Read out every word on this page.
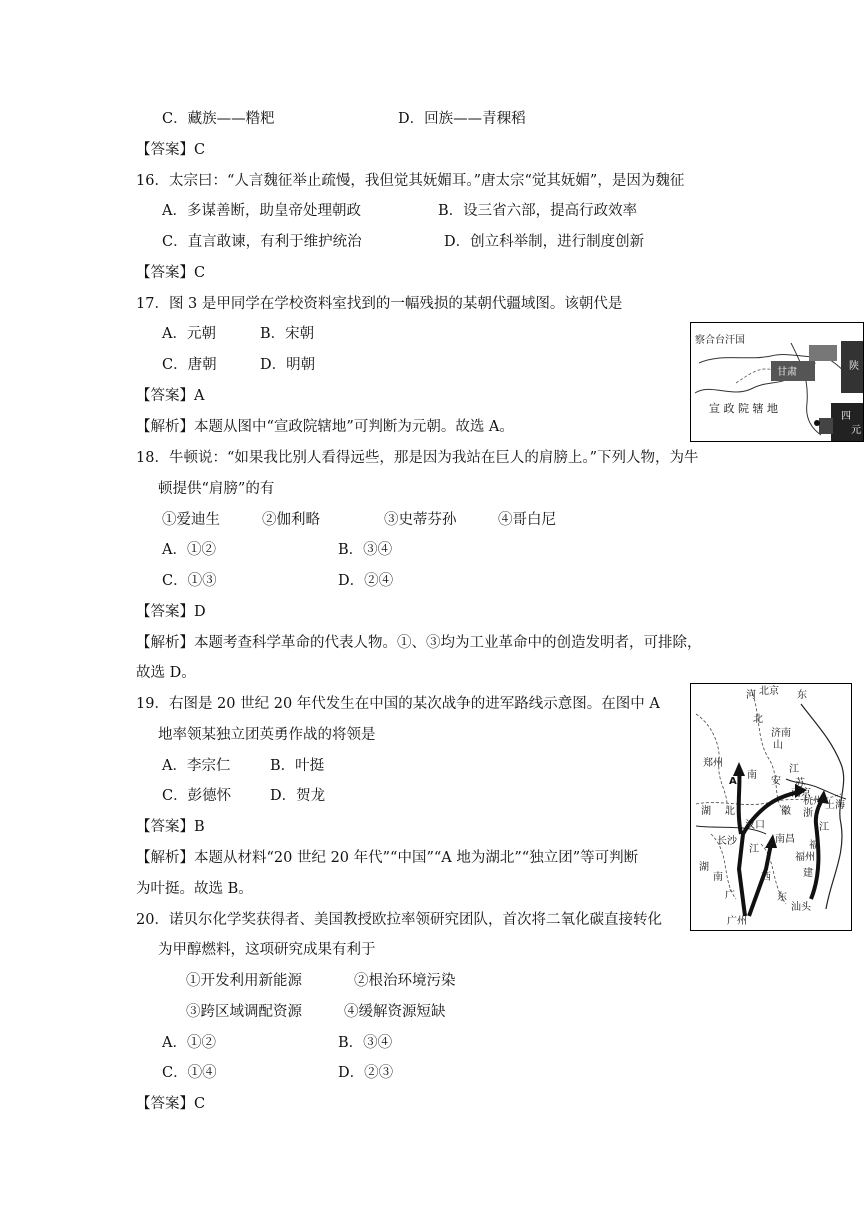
C．藏族——糌粑	D．回族——青稞稻
【答案】C
16．太宗曰：“人言魏征举止疏慢，我但觉其妩媚耳。”唐太宗“觉其妩媚”，是因为魏征
A．多谋善断，助皇帝处理朝政	B．设三省六部，提高行政效率
C．直言敢谏，有利于维护统治	D．创立科举制，进行制度创新
【答案】C
17．图 3 是甲同学在学校资料室找到的一幅残损的某朝代疆域图。该朝代是
A．元朝	B．宋朝
C．唐朝	D．明朝
【答案】A
【解析】本题从图中“宣政院辖地”可判断为元朝。故选 A。
察合台汗国
甘肃
宣 政 院 辖 地
陕
四
元
18．牛顿说：“如果我比别人看得远些，那是因为我站在巨人的肩膀上。”下列人物，为牛
顿提供“肩膀”的有
①爱迪生	②伽利略	③史蒂芬孙	④哥白尼
A．①②	B．③④
C．①③	D．②④
【答案】D
【解析】本题考查科学革命的代表人物。①、③均为工业革命中的创造发明者，可排除，
故选 D。
19．右图是 20 世纪 20 年代发生在中国的某次战争的进军路线示意图。在图中 A
地率领某独立团英勇作战的将领是
A．李宗仁	B．叶挺
C．彭德怀	D．贺龙
【答案】B
【解析】本题从材料“20 世纪 20 年代”“中国”“A 地为湖北”“独立团”等可判断
为叶挺。故选 B。
北京
河
北
山
济南
东
郑州
南
安
江
南京
苏
上海
湖 北
汉口
徽 浙
杭州
南昌
长沙
江	福
福州
建
湖
南	西
广	东
汕头
广州
A
江
20．诺贝尔化学奖获得者、美国教授欧拉率领研究团队，首次将二氧化碳直接转化
为甲醇燃料，这项研究成果有利于
①开发利用新能源	②根治环境污染
③跨区域调配资源	④缓解资源短缺
A．①②	B．③④
C．①④	D．②③
【答案】C
